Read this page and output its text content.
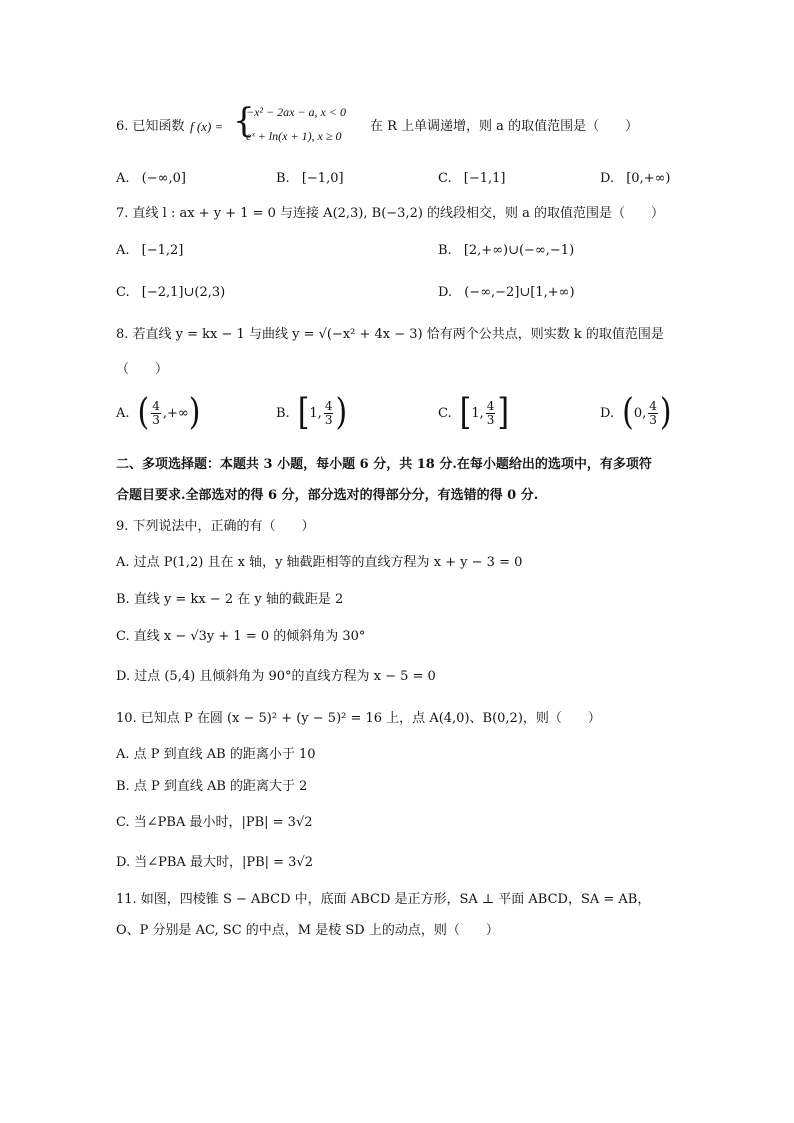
6. 已知函数 f (x) = {
−x² − 2ax − a, x < 0
eˣ + ln(x + 1), x ≥ 0
在 R 上单调递增，则 a 的取值范围是（　　）
A. (−∞,0]	B. [−1,0]	C. [−1,1]	D. [0,+∞)
7. 直线 l : ax + y + 1 = 0 与连接 A(2,3), B(−3,2) 的线段相交，则 a 的取值范围是（　　）
A. [−1,2]	B. [2,+∞)∪(−∞,−1)
C. [−2,1]∪(2,3)	D. (−∞,−2]∪[1,+∞)
8. 若直线 y = kx − 1 与曲线 y = √(−x² + 4x − 3) 恰有两个公共点，则实数 k 的取值范围是
（　　）
A. ( $\frac{4}{3}$ ,+∞ )	B. [ 1, $\frac{4}{3}$ )	C. [ 1, $\frac{4}{3}$ ]	D. ( 0, $\frac{4}{3}$ )
二、多项选择题：本题共 3 小题，每小题 6 分，共 18 分.在每小题给出的选项中，有多项符
合题目要求.全部选对的得 6 分，部分选对的得部分分，有选错的得 0 分.
9. 下列说法中，正确的有（　　）
A. 过点 P(1,2) 且在 x 轴，y 轴截距相等的直线方程为 x + y − 3 = 0
B. 直线 y = kx − 2 在 y 轴的截距是 2
C. 直线 x − √3y + 1 = 0 的倾斜角为 30°
D. 过点 (5,4) 且倾斜角为 90°的直线方程为 x − 5 = 0
10. 已知点 P 在圆 (x − 5)² + (y − 5)² = 16 上，点 A(4,0)、B(0,2)，则（　　）
A. 点 P 到直线 AB 的距离小于 10
B. 点 P 到直线 AB 的距离大于 2
C. 当∠PBA 最小时，|PB| = 3√2
D. 当∠PBA 最大时，|PB| = 3√2
11. 如图，四棱锥 S − ABCD 中，底面 ABCD 是正方形，SA ⊥ 平面 ABCD，SA = AB，
O、P 分别是 AC, SC 的中点，M 是棱 SD 上的动点，则（　　）
